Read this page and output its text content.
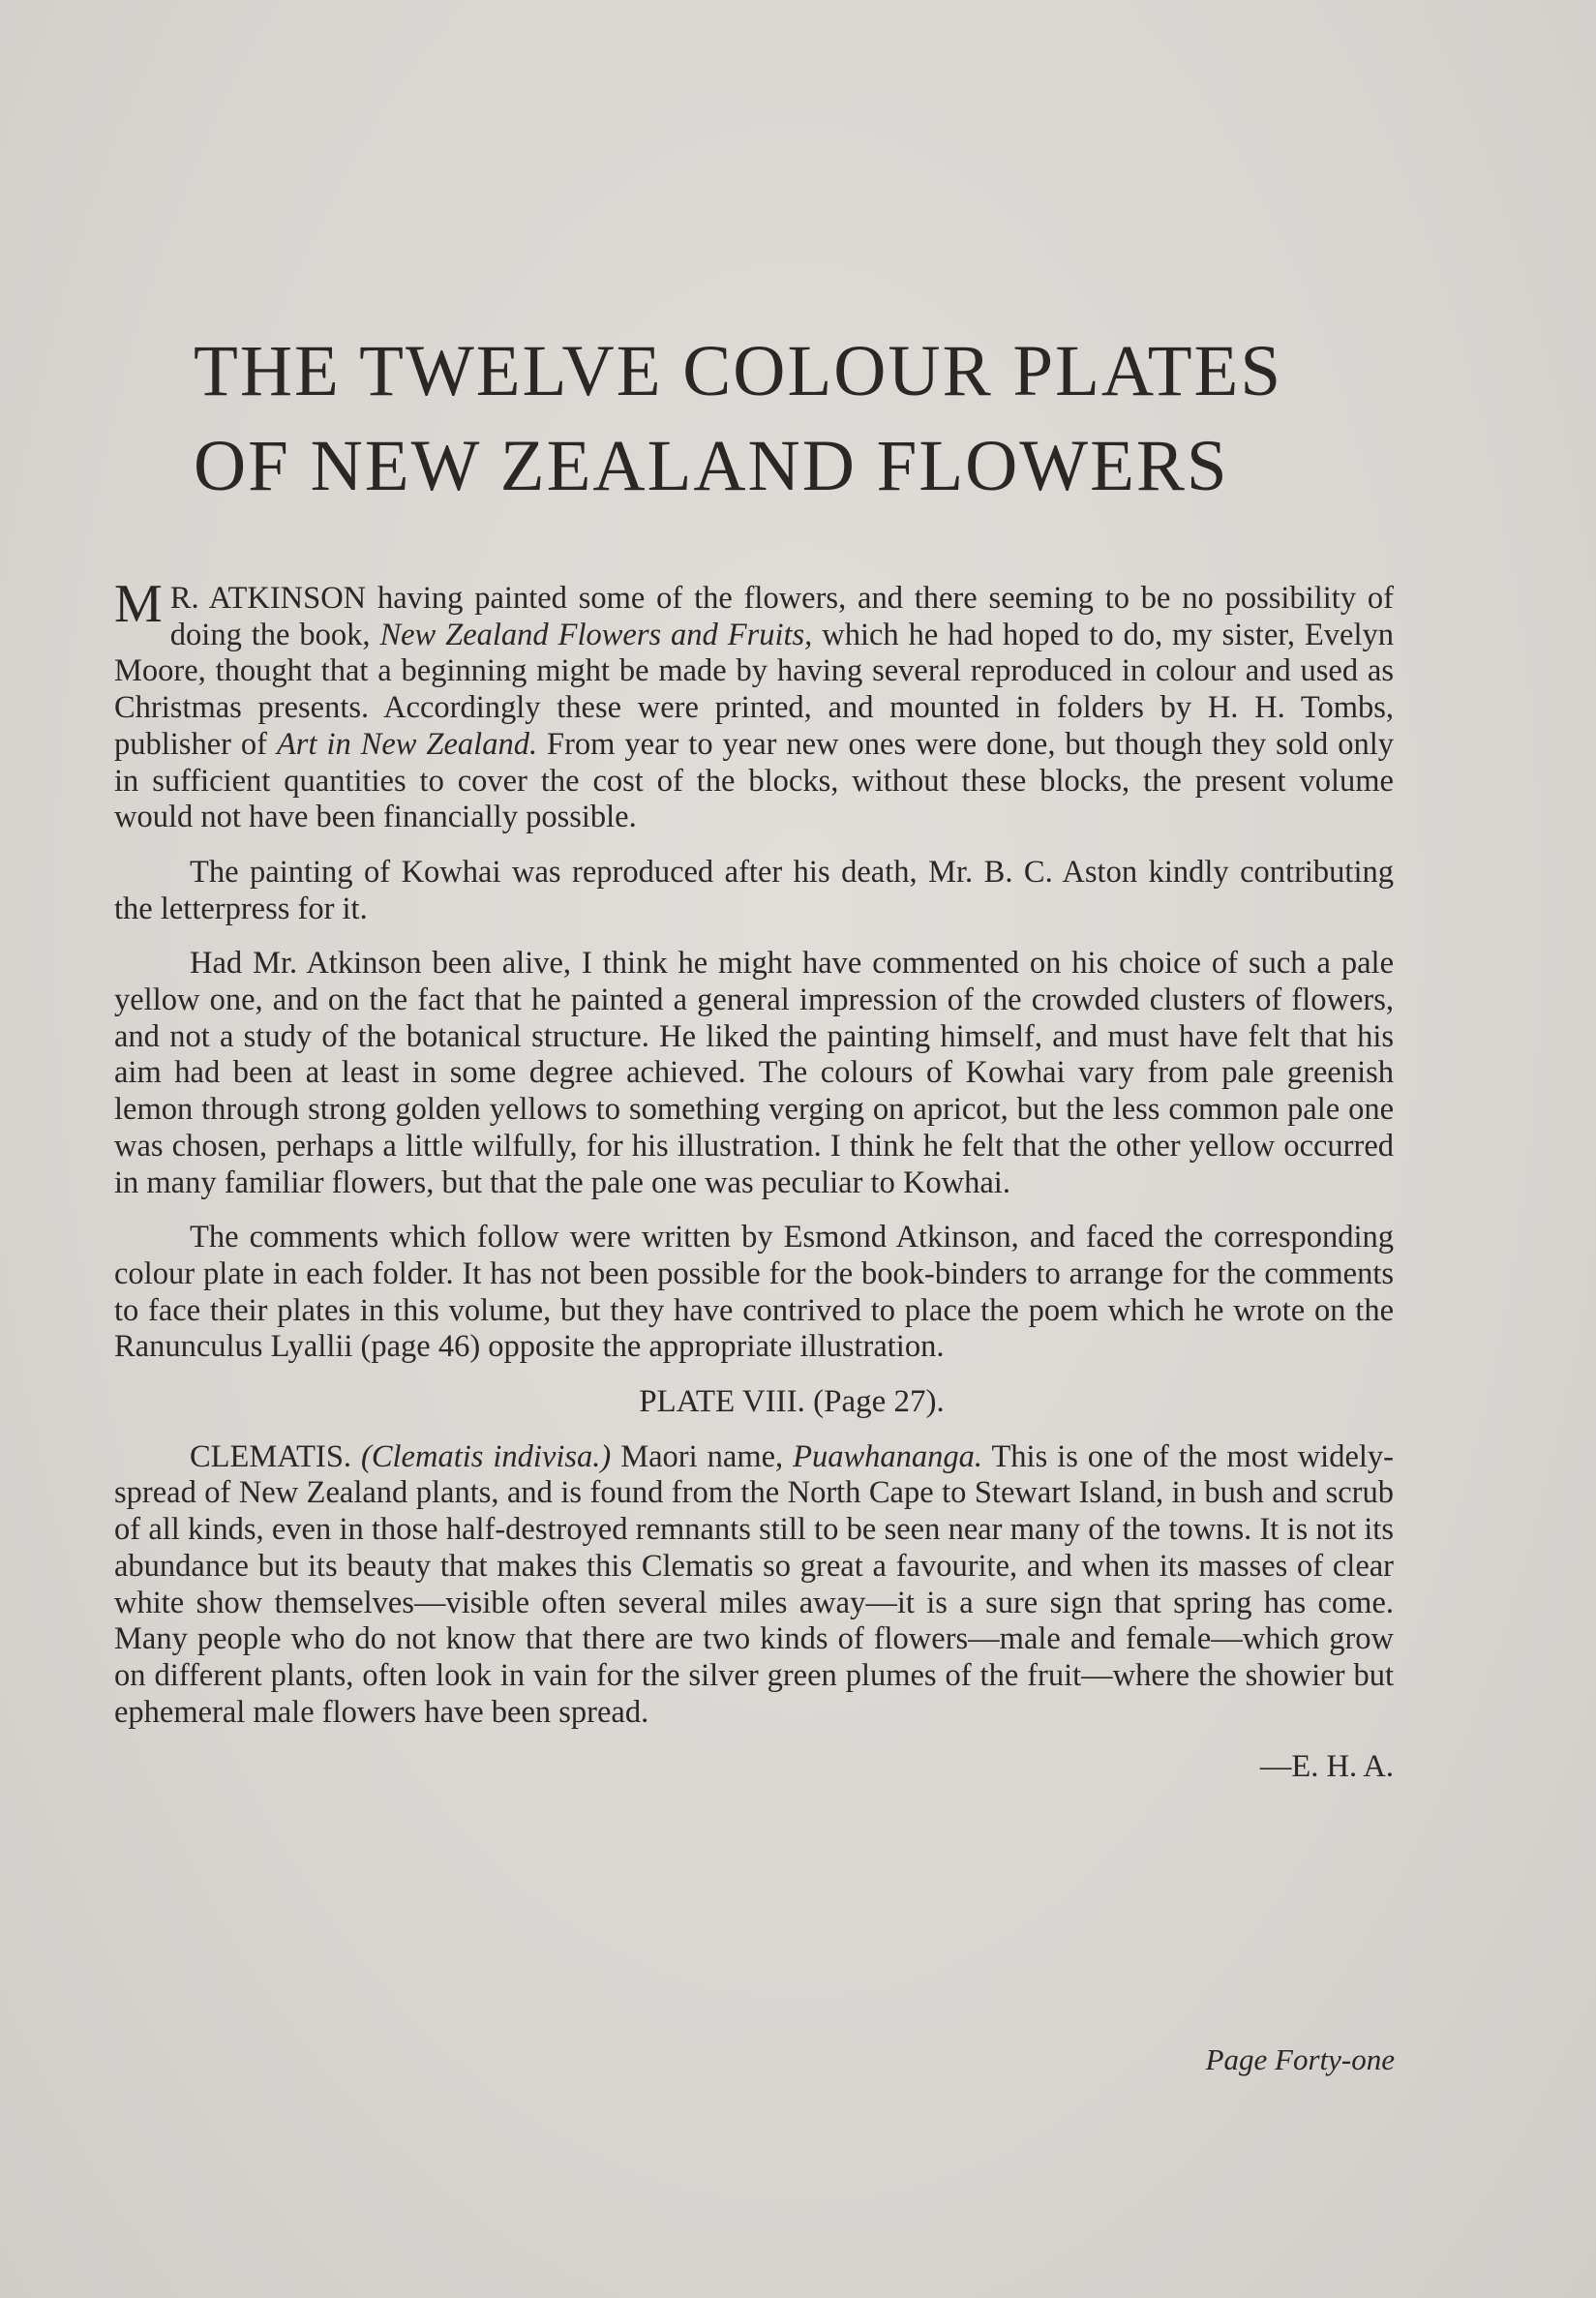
THE TWELVE COLOUR PLATES
OF NEW ZEALAND FLOWERS

M R. ATKINSON having painted some of the flowers, and there seeming to be no possibility of doing the book, New Zealand Flowers and Fruits, which he had hoped to do, my sister, Evelyn Moore, thought that a beginning might be made by having several reproduced in colour and used as Christmas presents. Accordingly these were printed, and mounted in folders by H. H. Tombs, publisher of Art in New Zealand. From year to year new ones were done, but though they sold only in sufficient quantities to cover the cost of the blocks, without these blocks, the present volume would not have been financially possible.

The painting of Kowhai was reproduced after his death, Mr. B. C. Aston kindly contributing the letterpress for it.

Had Mr. Atkinson been alive, I think he might have commented on his choice of such a pale yellow one, and on the fact that he painted a general impression of the crowded clusters of flowers, and not a study of the botanical structure. He liked the painting himself, and must have felt that his aim had been at least in some degree achieved. The colours of Kowhai vary from pale greenish lemon through strong golden yellows to something verging on apricot, but the less common pale one was chosen, perhaps a little wilfully, for his illustration. I think he felt that the other yellow occurred in many familiar flowers, but that the pale one was peculiar to Kowhai.

The comments which follow were written by Esmond Atkinson, and faced the corresponding colour plate in each folder. It has not been possible for the book-binders to arrange for the comments to face their plates in this volume, but they have contrived to place the poem which he wrote on the Ranunculus Lyallii (page 46) opposite the appropriate illustration.

PLATE VIII. (Page 27).

CLEMATIS. (Clematis indivisa.) Maori name, Puawhananga. This is one of the most widely-spread of New Zealand plants, and is found from the North Cape to Stewart Island, in bush and scrub of all kinds, even in those half-destroyed remnants still to be seen near many of the towns. It is not its abundance but its beauty that makes this Clematis so great a favourite, and when its masses of clear white show themselves—visible often several miles away—it is a sure sign that spring has come. Many people who do not know that there are two kinds of flowers—male and female—which grow on different plants, often look in vain for the silver green plumes of the fruit—where the showier but ephemeral male flowers have been spread.

—E. H. A.

Page Forty-one
